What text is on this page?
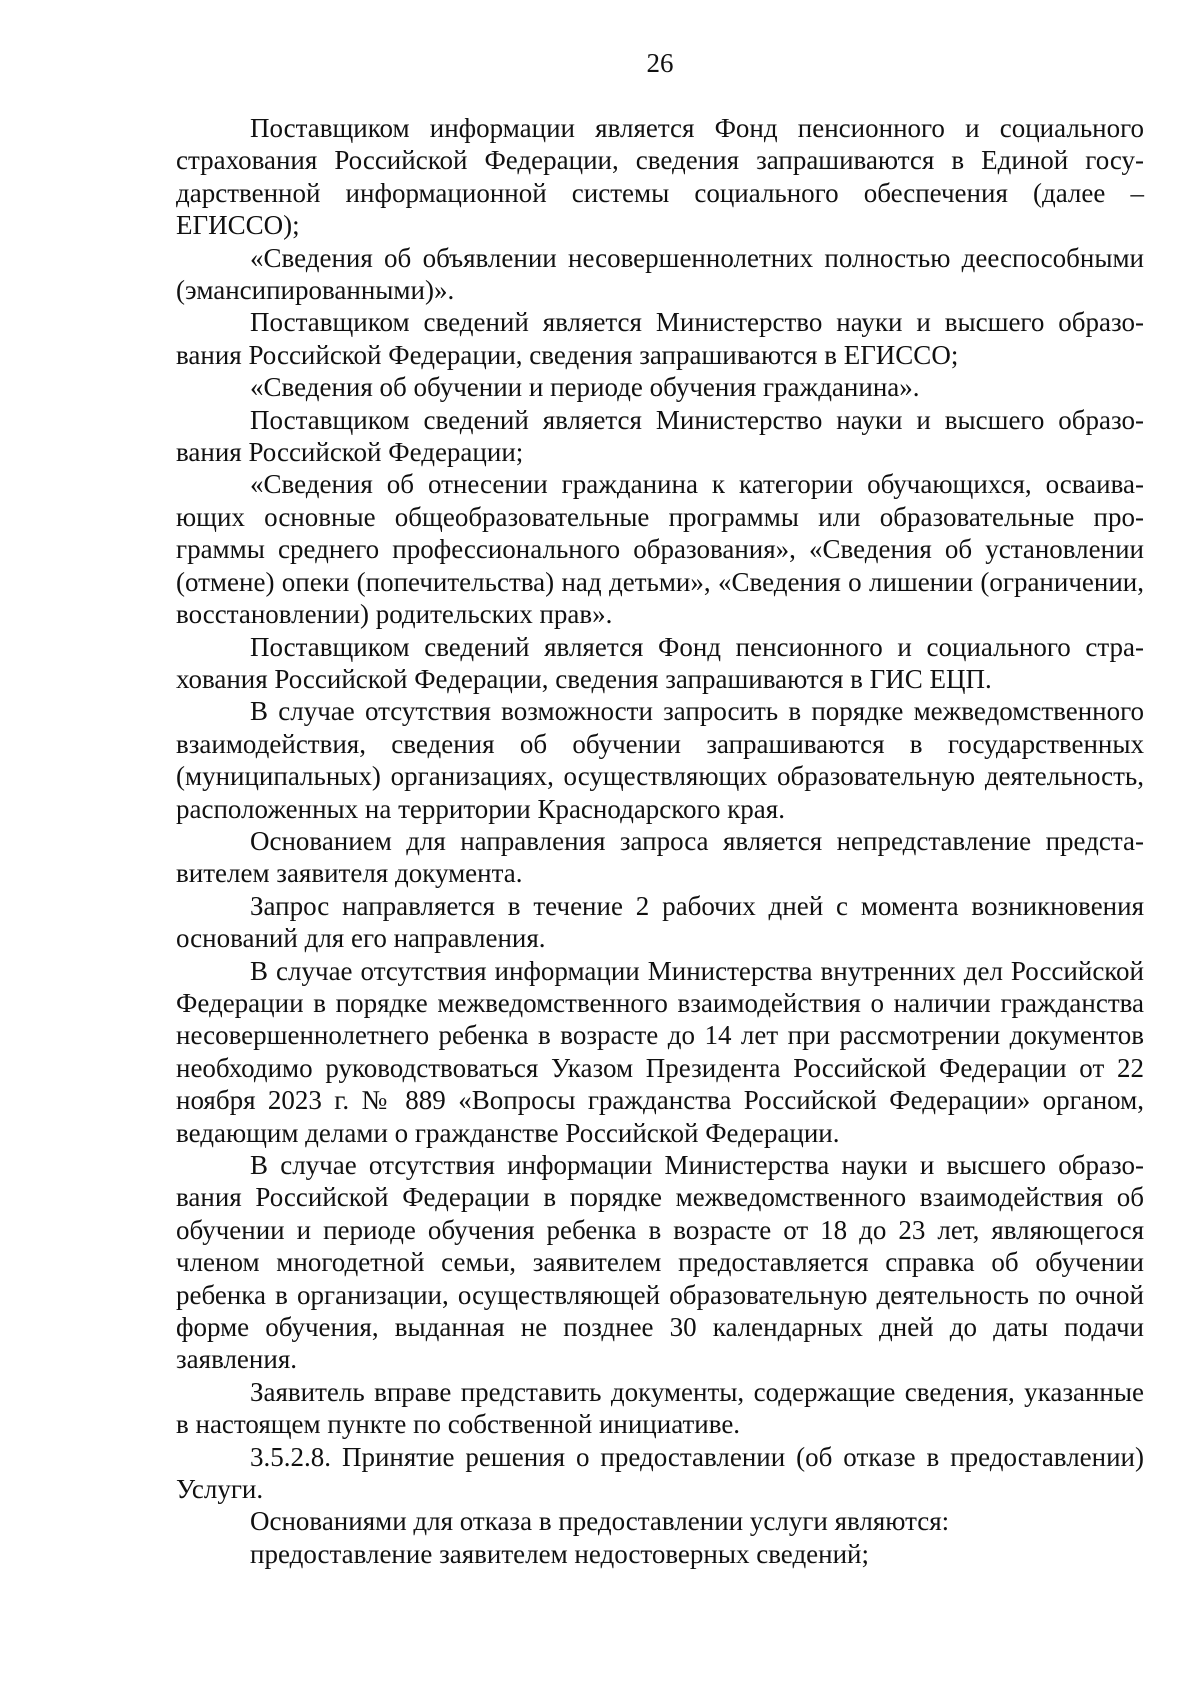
26

Поставщиком информации является Фонд пенсионного и социального страхования Российской Федерации, сведения запрашиваются в Единой государственной информационной системы социального обеспечения (далее – ЕГИССО);

«Сведения об объявлении несовершеннолетних полностью дееспособными (эмансипированными)».

Поставщиком сведений является Министерство науки и высшего образования Российской Федерации, сведения запрашиваются в ЕГИССО;

«Сведения об обучении и периоде обучения гражданина».

Поставщиком сведений является Министерство науки и высшего образования Российской Федерации;

«Сведения об отнесении гражданина к категории обучающихся, осваивающих основные общеобразовательные программы или образовательные программы среднего профессионального образования», «Сведения об установлении (отмене) опеки (попечительства) над детьми», «Сведения о лишении (ограничении, восстановлении) родительских прав».

Поставщиком сведений является Фонд пенсионного и социального страхования Российской Федерации, сведения запрашиваются в ГИС ЕЦП.

В случае отсутствия возможности запросить в порядке межведомственного взаимодействия, сведения об обучении запрашиваются в государственных (муниципальных) организациях, осуществляющих образовательную деятельность, расположенных на территории Краснодарского края.

Основанием для направления запроса является непредставление представителем заявителя документа.

Запрос направляется в течение 2 рабочих дней с момента возникновения оснований для его направления.

В случае отсутствия информации Министерства внутренних дел Российской Федерации в порядке межведомственного взаимодействия о наличии гражданства несовершеннолетнего ребенка в возрасте до 14 лет при рассмотрении документов необходимо руководствоваться Указом Президента Российской Федерации от 22 ноября 2023 г. № 889 «Вопросы гражданства Российской Федерации» органом, ведающим делами о гражданстве Российской Федерации.

В случае отсутствия информации Министерства науки и высшего образования Российской Федерации в порядке межведомственного взаимодействия об обучении и периоде обучения ребенка в возрасте от 18 до 23 лет, являющегося членом многодетной семьи, заявителем предоставляется справка об обучении ребенка в организации, осуществляющей образовательную деятельность по очной форме обучения, выданная не позднее 30 календарных дней до даты подачи заявления.

Заявитель вправе представить документы, содержащие сведения, указанные в настоящем пункте по собственной инициативе.

3.5.2.8. Принятие решения о предоставлении (об отказе в предоставлении) Услуги.

Основаниями для отказа в предоставлении услуги являются:

предоставление заявителем недостоверных сведений;
